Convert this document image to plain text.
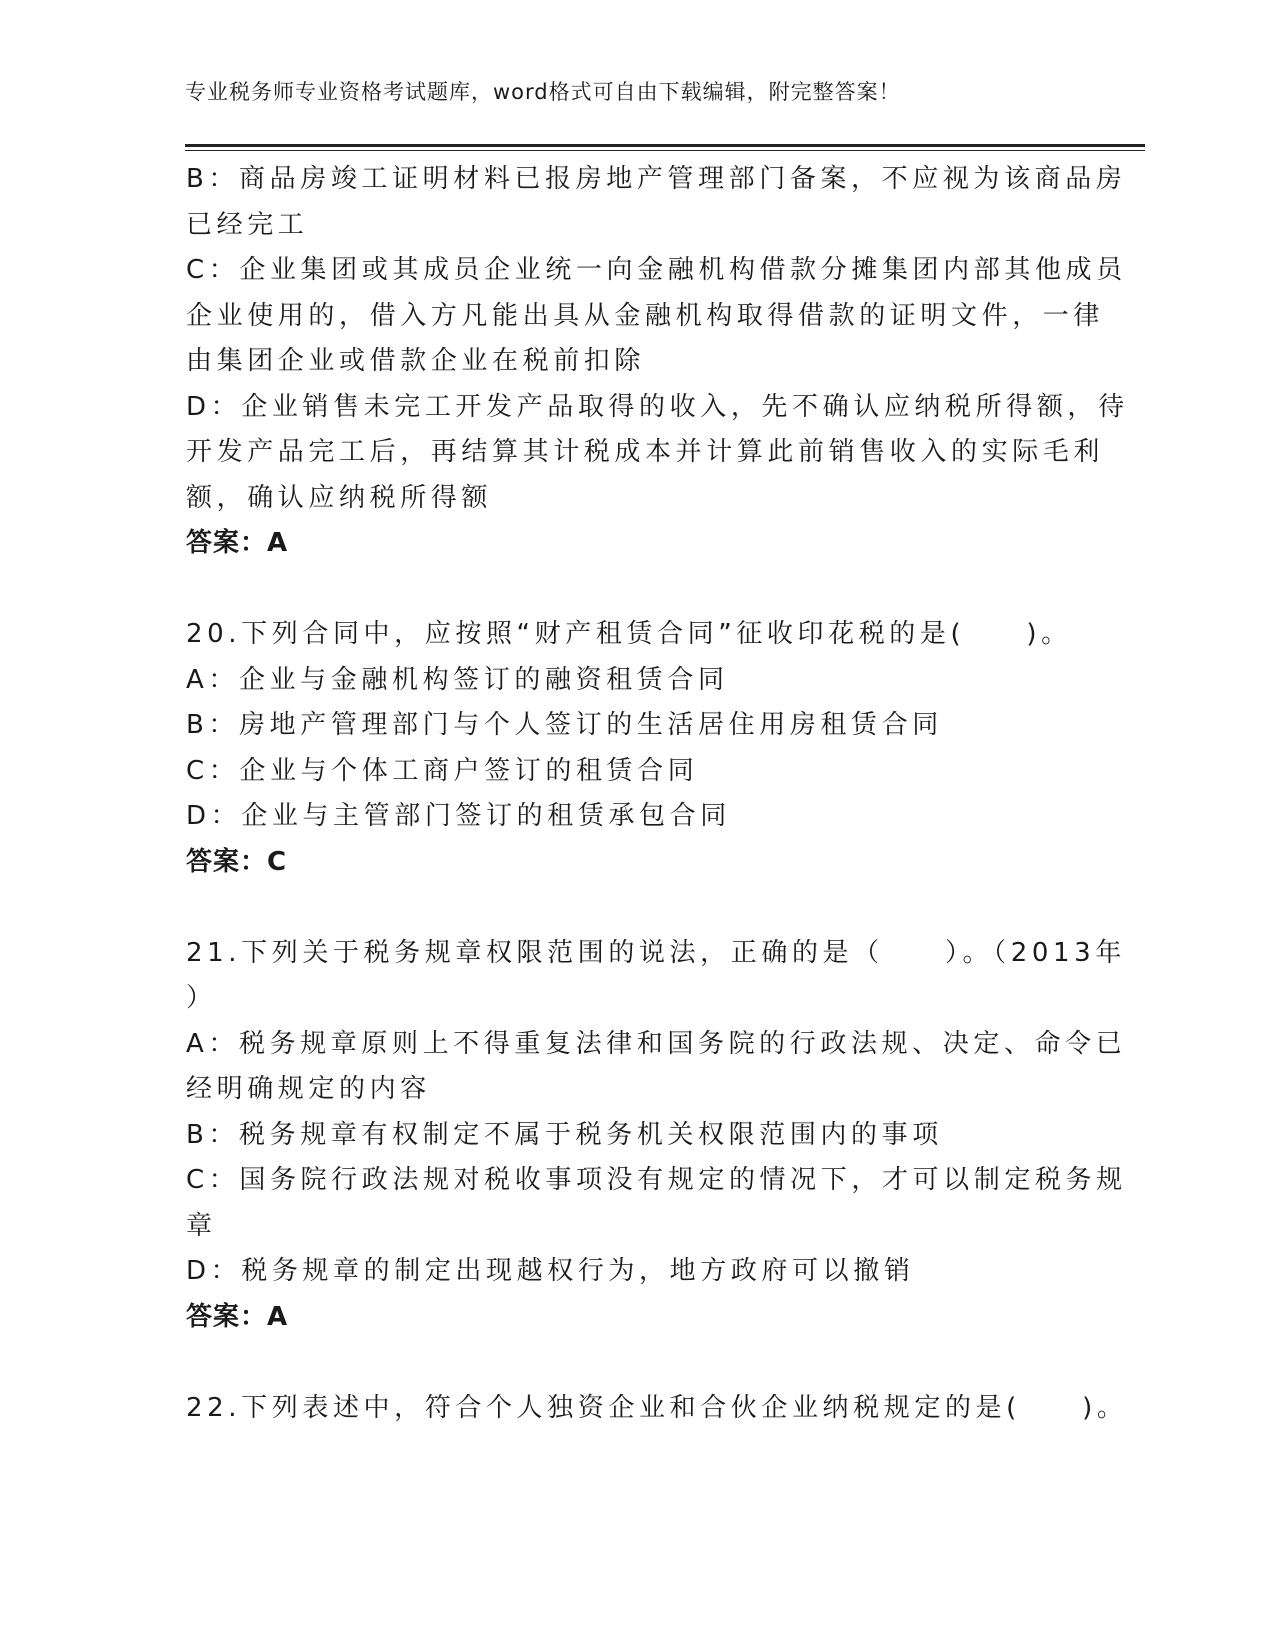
专业税务师专业资格考试题库，word格式可自由下载编辑，附完整答案！
B：商品房竣工证明材料已报房地产管理部门备案，不应视为该商品房
已经完工
C：企业集团或其成员企业统一向金融机构借款分摊集团内部其他成员
企业使用的，借入方凡能出具从金融机构取得借款的证明文件，一律
由集团企业或借款企业在税前扣除
D：企业销售未完工开发产品取得的收入，先不确认应纳税所得额，待
开发产品完工后，再结算其计税成本并计算此前销售收入的实际毛利
额，确认应纳税所得额
答案：A
20.下列合同中，应按照“财产租赁合同”征收印花税的是(　　)。
A：企业与金融机构签订的融资租赁合同
B：房地产管理部门与个人签订的生活居住用房租赁合同
C：企业与个体工商户签订的租赁合同
D：企业与主管部门签订的租赁承包合同
答案：C
21.下列关于税务规章权限范围的说法，正确的是（　　）。（2013年
）
A：税务规章原则上不得重复法律和国务院的行政法规、决定、命令已
经明确规定的内容
B：税务规章有权制定不属于税务机关权限范围内的事项
C：国务院行政法规对税收事项没有规定的情况下，才可以制定税务规
章
D：税务规章的制定出现越权行为，地方政府可以撤销
答案：A
22.下列表述中，符合个人独资企业和合伙企业纳税规定的是(　　)。
